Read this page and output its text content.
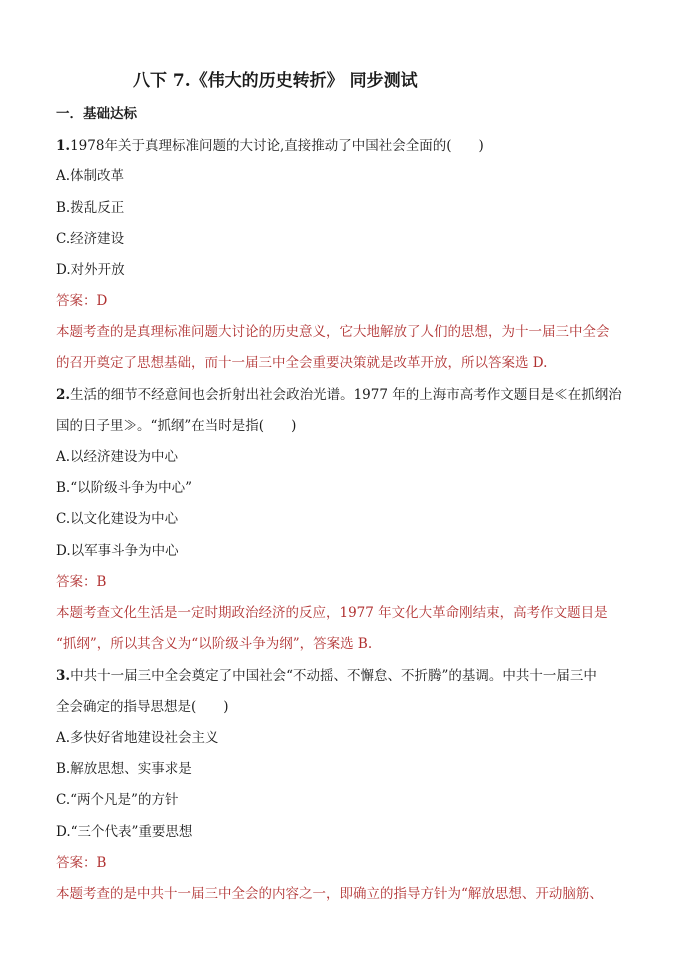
八下 7.《伟大的历史转折》 同步测试
一．基础达标
1.1978年关于真理标准问题的大讨论,直接推动了中国社会全面的(　　)
A.体制改革
B.拨乱反正
C.经济建设
D.对外开放
答案：D
本题考查的是真理标准问题大讨论的历史意义，它大地解放了人们的思想，为十一届三中全会
的召开奠定了思想基础，而十一届三中全会重要决策就是改革开放，所以答案选 D.
2.生活的细节不经意间也会折射出社会政治光谱。1977 年的上海市高考作文题目是≪在抓纲治
国的日子里≫。“抓纲”在当时是指(　　)
A.以经济建设为中心
B.“以阶级斗争为中心”
C.以文化建设为中心
D.以军事斗争为中心
答案：B
本题考查文化生活是一定时期政治经济的反应，1977 年文化大革命刚结束，高考作文题目是
“抓纲”，所以其含义为“以阶级斗争为纲”，答案选 B.
3.中共十一届三中全会奠定了中国社会“不动摇、不懈怠、不折腾”的基调。中共十一届三中
全会确定的指导思想是(　　)
A.多快好省地建设社会主义
B.解放思想、实事求是
C.“两个凡是”的方针
D.“三个代表”重要思想
答案：B
本题考查的是中共十一届三中全会的内容之一，即确立的指导方针为“解放思想、开动脑筋、
